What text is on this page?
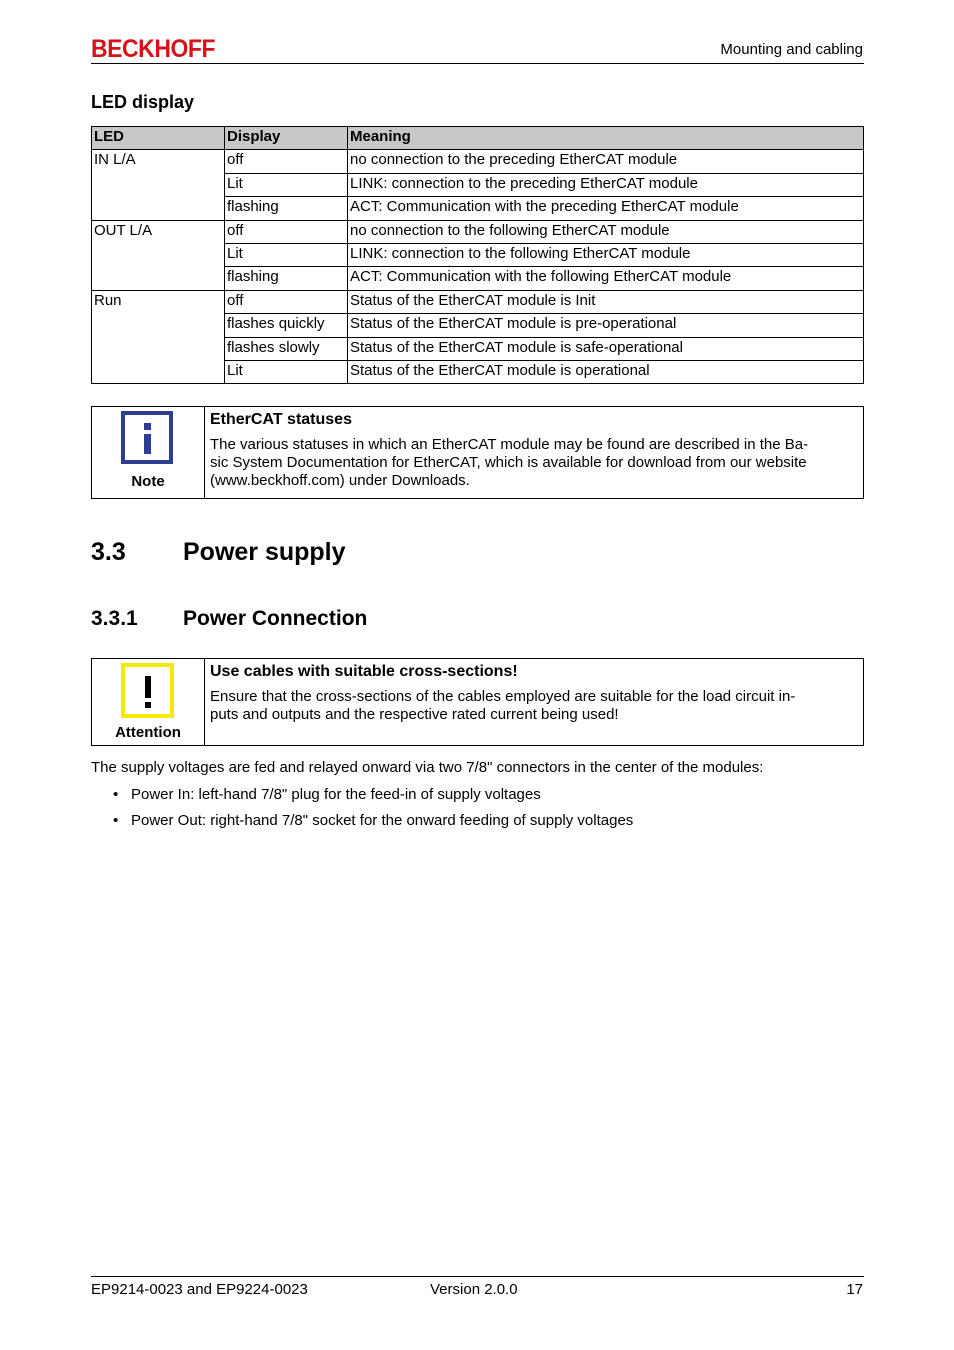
BECKHOFF	Mounting and cabling
LED display
LED	Display	Meaning
IN L/A	off	no connection to the preceding EtherCAT module
	Lit	LINK: connection to the preceding EtherCAT module
	flashing	ACT: Communication with the preceding EtherCAT module
OUT L/A	off	no connection to the following EtherCAT module
	Lit	LINK: connection to the following EtherCAT module
	flashing	ACT: Communication with the following EtherCAT module
Run	off	Status of the EtherCAT module is Init
	flashes quickly	Status of the EtherCAT module is pre-operational
	flashes slowly	Status of the EtherCAT module is safe-operational
	Lit	Status of the EtherCAT module is operational
Note
EtherCAT statuses
The various statuses in which an EtherCAT module may be found are described in the Ba-
sic System Documentation for EtherCAT, which is available for download from our website
(www.beckhoff.com) under Downloads.
3.3 Power supply
3.3.1 Power Connection
Attention
Use cables with suitable cross-sections!
Ensure that the cross-sections of the cables employed are suitable for the load circuit in-
puts and outputs and the respective rated current being used!
The supply voltages are fed and relayed onward via two 7/8" connectors in the center of the modules:
• Power In: left-hand 7/8" plug for the feed-in of supply voltages
• Power Out: right-hand 7/8" socket for the onward feeding of supply voltages
EP9214-0023 and EP9224-0023	Version 2.0.0	17
